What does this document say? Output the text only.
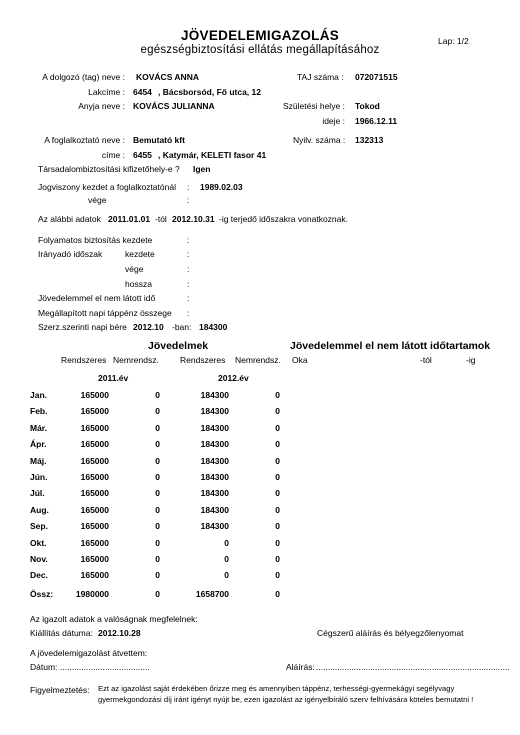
JÖVEDELEMIGAZOLÁS
egészségbiztosítási ellátás megállapításához
Lap: 1/2
A dolgozó (tag) neve : KOVÁCS ANNA	TAJ száma : 072071515
Lakcíme : 6454 , Bácsborsód, Fő utca, 12
Anyja neve : KOVÁCS JULIANNA	Születési helye : Tokod
ideje : 1966.12.11
A foglalkoztató neve : Bemutató kft	Nyilv. száma : 132313
címe : 6455 , Katymár, KELETI fasor 41
Társadalombiztosítási kifizetőhely-e ? Igen
Jogviszony kezdet a foglalkoztatónál : 1989.02.03
vége	:
Az alábbi adatok 2011.01.01 -tól 2012.10.31 -ig terjedő időszakra vonatkoznak.
Folyamatos biztosítás kezdete	:
Irányadó időszak	kezdete	:
vége	:
hossza	:
Jövedelemmel el nem látott idő	:
Megállapított napi táppénz összege :
Szerz.szerinti napi bére 2012.10 -ban: 184300
Jövedelmek
Rendszeres Nemrendsz. Rendszeres Nemrendsz.
2011.év	2012.év
Jan.	165000	0	184300	0
Feb.	165000	0	184300	0
Már.	165000	0	184300	0
Ápr.	165000	0	184300	0
Máj.	165000	0	184300	0
Jún.	165000	0	184300	0
Júl.	165000	0	184300	0
Aug.	165000	0	184300	0
Sep.	165000	0	184300	0
Okt.	165000	0	0	0
Nov.	165000	0	0	0
Dec.	165000	0	0	0
Össz:	1980000	0	1658700	0
Jövedelemmel el nem látott időtartamok
Oka	-tól	-ig
Az igazolt adatok a valóságnak megfelelnek:
Kiállítás dátuma: 2012.10.28	Cégszerű aláírás és bélyegzőlenyomat
A jövedelemigazolást átvettem:
Dátum: ......................................	Aláírás: ..................................................................................
Figyelmeztetés: Ezt az igazolást saját érdekében őrizze meg és amennyiben táppénz, terhességi-gyermekágyi segélyvagy gyermekgondozási díj iránt igényt nyújt be, ezen igazolást az igényelbíráló szerv felhívására köteles bemutatni !
